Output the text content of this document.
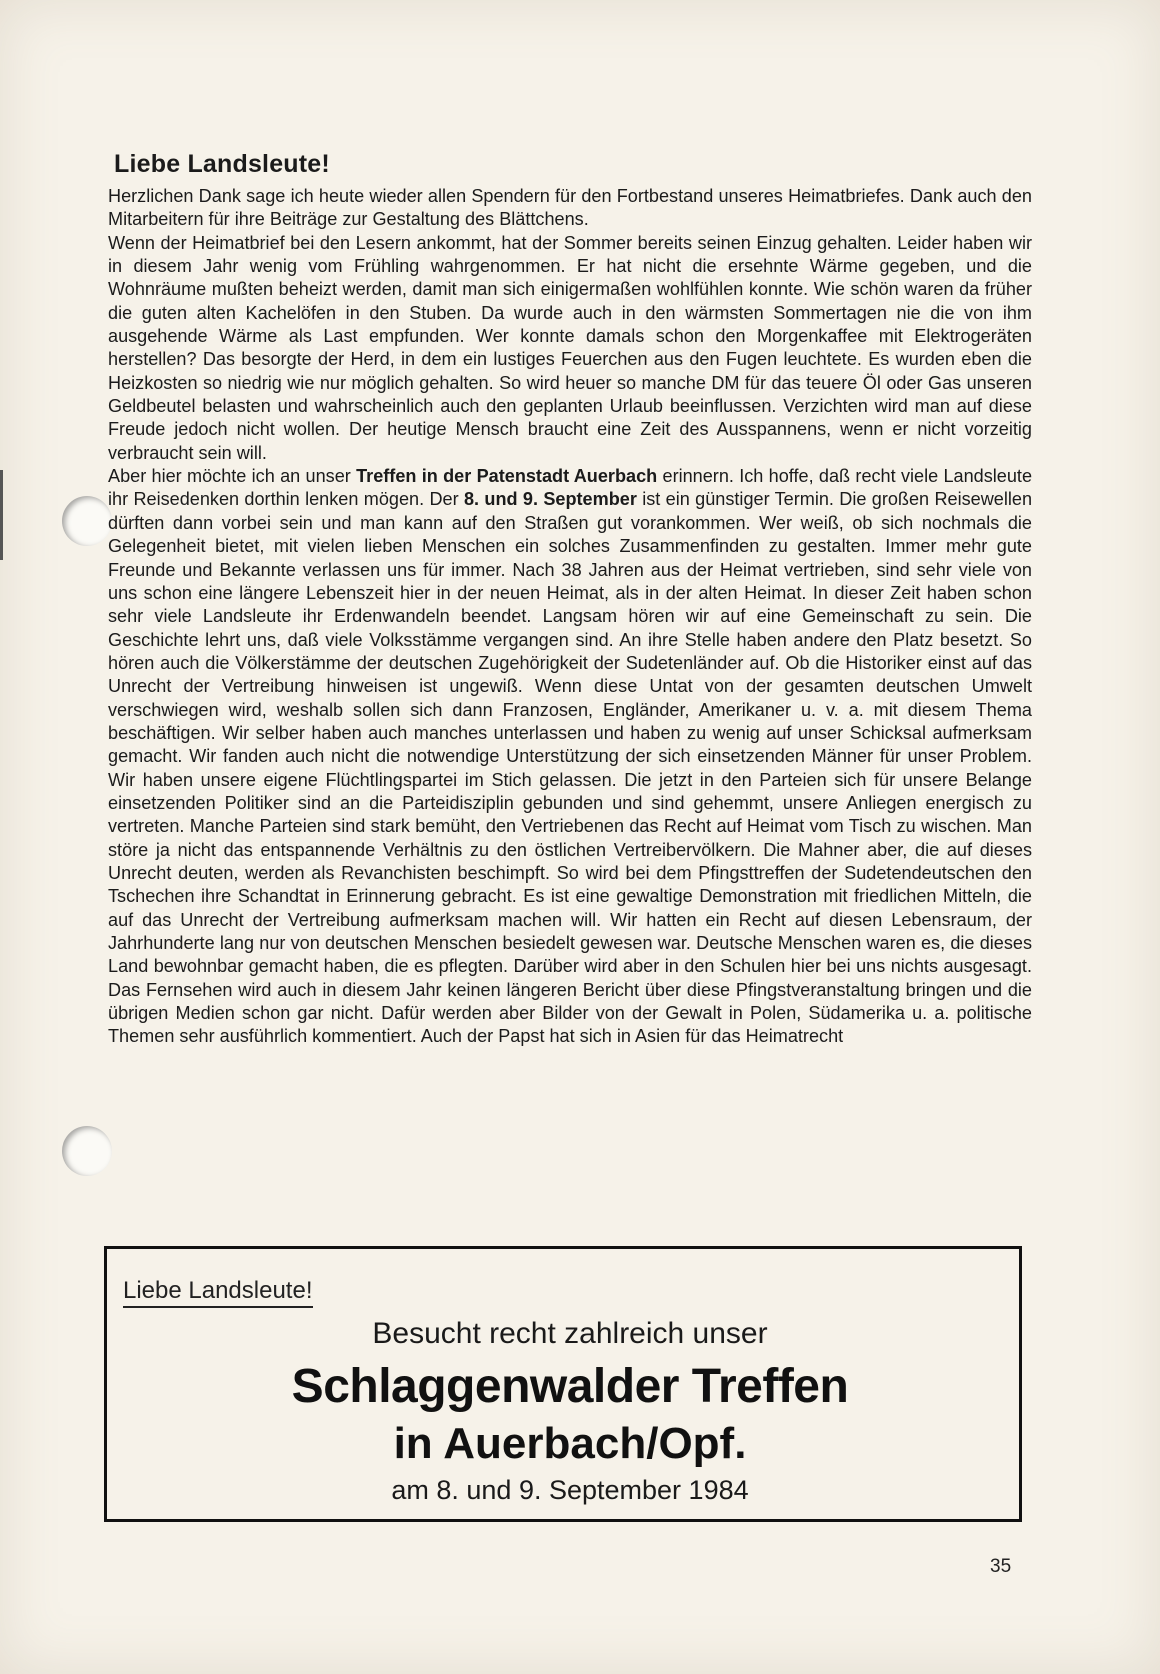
Liebe Landsleute!

Herzlichen Dank sage ich heute wieder allen Spendern für den Fortbestand unseres Heimatbriefes. Dank auch den Mitarbeitern für ihre Beiträge zur Gestaltung des Blättchens.

Wenn der Heimatbrief bei den Lesern ankommt, hat der Sommer bereits seinen Einzug gehalten. Leider haben wir in diesem Jahr wenig vom Frühling wahrgenommen. Er hat nicht die ersehnte Wärme gegeben, und die Wohnräume mußten beheizt werden, damit man sich einigermaßen wohlfühlen konnte. Wie schön waren da früher die guten alten Kachelöfen in den Stuben. Da wurde auch in den wärmsten Sommertagen nie die von ihm ausgehende Wärme als Last empfunden. Wer konnte damals schon den Morgenkaffee mit Elektrogeräten herstellen? Das besorgte der Herd, in dem ein lustiges Feuerchen aus den Fugen leuchtete. Es wurden eben die Heizkosten so niedrig wie nur möglich gehalten. So wird heuer so manche DM für das teuere Öl oder Gas unseren Geldbeutel belasten und wahrscheinlich auch den geplanten Urlaub beeinflussen. Verzichten wird man auf diese Freude jedoch nicht wollen. Der heutige Mensch braucht eine Zeit des Ausspannens, wenn er nicht vorzeitig verbraucht sein will.

Aber hier möchte ich an unser Treffen in der Patenstadt Auerbach erinnern. Ich hoffe, daß recht viele Landsleute ihr Reisedenken dorthin lenken mögen. Der 8. und 9. September ist ein günstiger Termin. Die großen Reisewellen dürften dann vorbei sein und man kann auf den Straßen gut vorankommen. Wer weiß, ob sich nochmals die Gelegenheit bietet, mit vielen lieben Menschen ein solches Zusammenfinden zu gestalten. Immer mehr gute Freunde und Bekannte verlassen uns für immer. Nach 38 Jahren aus der Heimat vertrieben, sind sehr viele von uns schon eine längere Lebenszeit hier in der neuen Heimat, als in der alten Heimat. In dieser Zeit haben schon sehr viele Landsleute ihr Erdenwandeln beendet. Langsam hören wir auf eine Gemeinschaft zu sein. Die Geschichte lehrt uns, daß viele Volksstämme vergangen sind. An ihre Stelle haben andere den Platz besetzt. So hören auch die Völkerstämme der deutschen Zugehörigkeit der Sudetenländer auf. Ob die Historiker einst auf das Unrecht der Vertreibung hinweisen ist ungewiß. Wenn diese Untat von der gesamten deutschen Umwelt verschwiegen wird, weshalb sollen sich dann Franzosen, Engländer, Amerikaner u. v. a. mit diesem Thema beschäftigen. Wir selber haben auch manches unterlassen und haben zu wenig auf unser Schicksal aufmerksam gemacht. Wir fanden auch nicht die notwendige Unterstützung der sich einsetzenden Männer für unser Problem. Wir haben unsere eigene Flüchtlingspartei im Stich gelassen. Die jetzt in den Parteien sich für unsere Belange einsetzenden Politiker sind an die Parteidisziplin gebunden und sind gehemmt, unsere Anliegen energisch zu vertreten. Manche Parteien sind stark bemüht, den Vertriebenen das Recht auf Heimat vom Tisch zu wischen. Man störe ja nicht das entspannende Verhältnis zu den östlichen Vertreibervölkern. Die Mahner aber, die auf dieses Unrecht deuten, werden als Revanchisten beschimpft. So wird bei dem Pfingsttreffen der Sudetendeutschen den Tschechen ihre Schandtat in Erinnerung gebracht. Es ist eine gewaltige Demonstration mit friedlichen Mitteln, die auf das Unrecht der Vertreibung aufmerksam machen will. Wir hatten ein Recht auf diesen Lebensraum, der Jahrhunderte lang nur von deutschen Menschen besiedelt gewesen war. Deutsche Menschen waren es, die dieses Land bewohnbar gemacht haben, die es pflegten. Darüber wird aber in den Schulen hier bei uns nichts ausgesagt. Das Fernsehen wird auch in diesem Jahr keinen längeren Bericht über diese Pfingstveranstaltung bringen und die übrigen Medien schon gar nicht. Dafür werden aber Bilder von der Gewalt in Polen, Südamerika u. a. politische Themen sehr ausführlich kommentiert. Auch der Papst hat sich in Asien für das Heimatrecht

Liebe Landsleute!
Besucht recht zahlreich unser
Schlaggenwalder Treffen
in Auerbach/Opf.
am 8. und 9. September 1984
35
